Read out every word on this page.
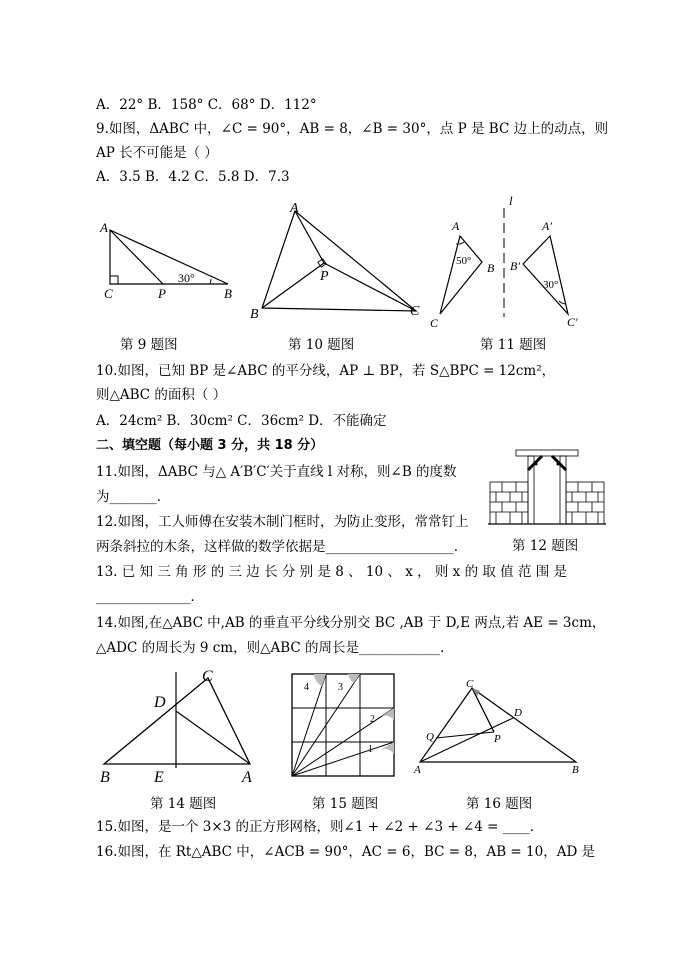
A．22° B．158° C．68° D．112°
9.如图，ΔABC 中，∠C = 90°，AB = 8，∠B = 30°，点 P 是 BC 边上的动点，则
AP 长不可能是（ ）
A．3.5 B．4.2 C．5.8 D．7.3
A
C	P	B
30°
第 9 题图
A
P
B	C
第 10 题图
l
A
50° B
C
A′
B′
C′
30°
第 11 题图
10.如图，已知 BP 是∠ABC 的平分线，AP ⊥ BP，若 S△BPC = 12cm²，
则△ABC 的面积（ ）
A．24cm² B．30cm² C．36cm² D．不能确定
二、填空题（每小题 3 分，共 18 分）
11.如图，ΔABC 与△ A′B′C′关于直线 l 对称，则∠B 的度数
为_______．
12.如图，工人师傅在安装木制门框时，为防止变形，常常钉上
两条斜拉的木条，这样做的数学依据是___________________.
13. 已 知 三 角 形 的 三 边 长 分 别 是 8 、 10 、 x ， 则 x 的 取 值 范 围 是
______________．
14.如图,在△ABC 中,AB 的垂直平分线分别交 BC ,AB 于 D,E 两点,若 AE = 3cm，
△ADC 的周长为 9 cm，则△ABC 的周长是____________.
第 12 题图
C
D
B	E	A
第 14 题图
4	3
2
1
第 15 题图
C
D
Q	P
A	B
第 16 题图
15.如图，是一个 3×3 的正方形网格，则∠1 + ∠2 + ∠3 + ∠4 = ____．
16.如图，在 Rt△ABC 中，∠ACB = 90°，AC = 6，BC = 8，AB = 10，AD 是
